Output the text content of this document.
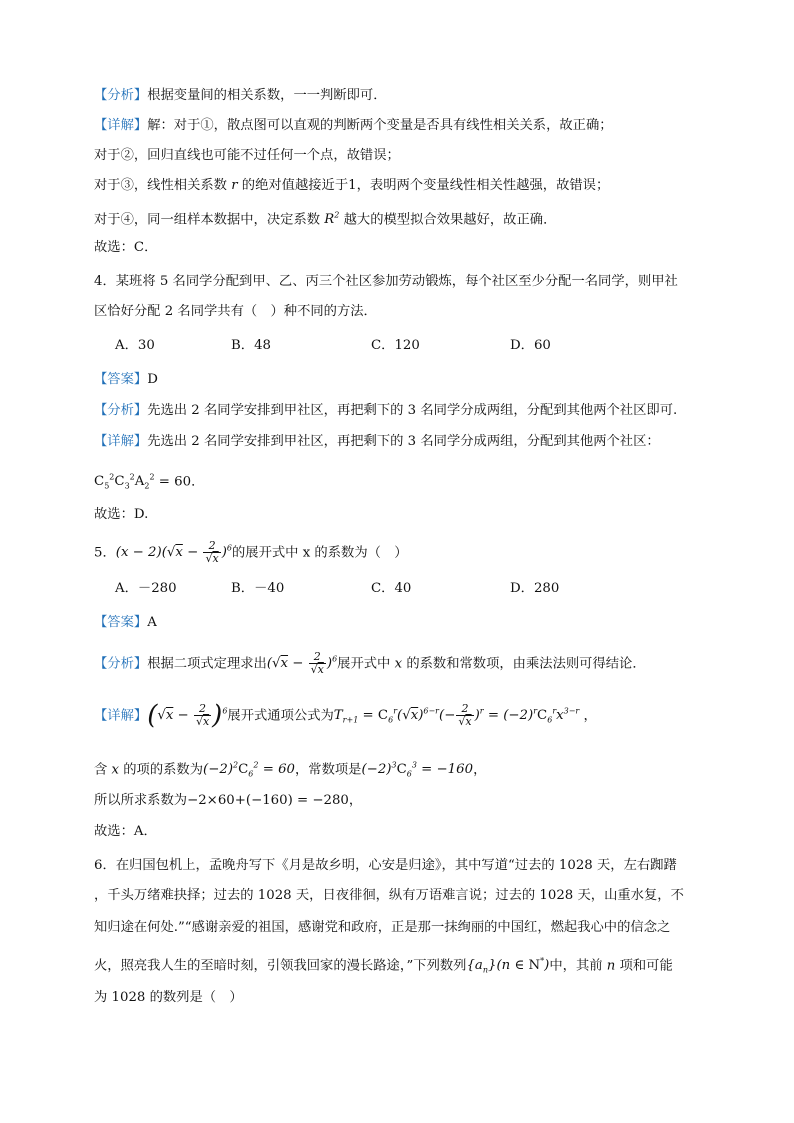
【分析】根据变量间的相关系数，一一判断即可．
【详解】解：对于①，散点图可以直观的判断两个变量是否具有线性相关关系，故正确；
对于②，回归直线也可能不过任何一个点，故错误；
对于③，线性相关系数 r 的绝对值越接近于1，表明两个变量线性相关性越强，故错误；
对于④，同一组样本数据中，决定系数 $R^2$ 越大的模型拟合效果越好，故正确．
故选：C．
4．某班将 5 名同学分配到甲、乙、丙三个社区参加劳动锻炼，每个社区至少分配一名同学，则甲社
区恰好分配 2 名同学共有（　）种不同的方法．
A．30	B．48	C．120	D．60
【答案】D
【分析】先选出 2 名同学安排到甲社区，再把剩下的 3 名同学分成两组，分配到其他两个社区即可.
【详解】先选出 2 名同学安排到甲社区，再把剩下的 3 名同学分成两组，分配到其他两个社区：
$C_5^2C_3^2A_2^2 = 60$．
故选：D.
5．$(x - 2)(√x - \frac{2}{√x} )^6$的展开式中 x 的系数为（　）
A．－280	B．－40	C．40	D．280
【答案】A
【分析】根据二项式定理求出$(√x - \frac{2}{√x} )^6$展开式中 x 的系数和常数项，由乘法法则可得结论．
【详解】$(√x - \frac{2}{√x} )^6$展开式通项公式为$T_{r+1} = C_6^r(√x)^{6-r}(- \frac{2}{√x} )^r = (-2)^rC_6^rx^{3-r}$ ，
含 x 的项的系数为$(-2)^2C_6^2 = 60$，常数项是$(-2)^3C_6^3 = -160$，
所以所求系数为−2×60+(−160) = −280，
故选：A．
6．在归国包机上，孟晚舟写下《月是故乡明，心安是归途》，其中写道“过去的 1028 天，左右踟躇
，千头万绪难抉择；过去的 1028 天，日夜徘徊，纵有万语难言说；过去的 1028 天，山重水复，不
知归途在何处.”“感谢亲爱的祖国，感谢党和政府，正是那一抹绚丽的中国红，燃起我心中的信念之
火，照亮我人生的至暗时刻，引领我回家的漫长路途，”下列数列$\{a_n\}(n$ ∈ N*)中，其前 n 项和可能
为 1028 的数列是（　）
